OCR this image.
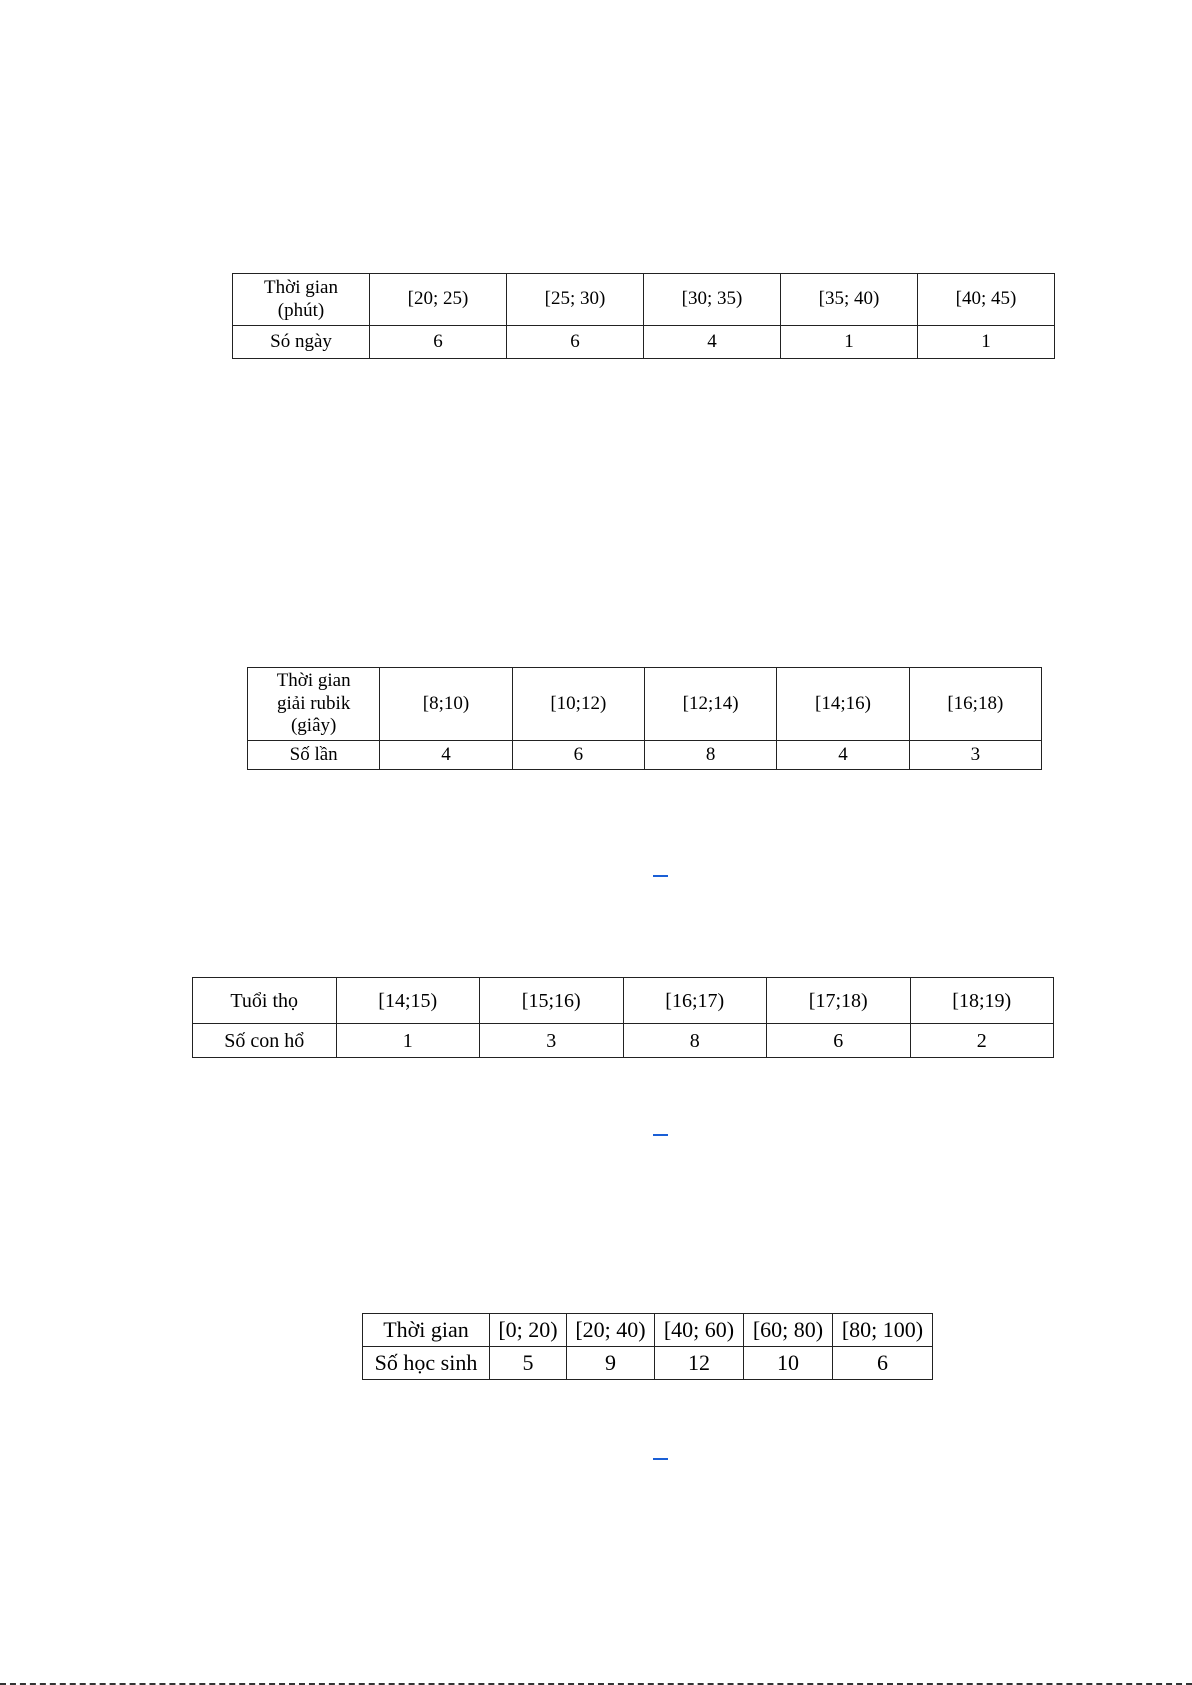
Thời gian
(phút)	[20; 25)	[25; 30)	[30; 35)	[35; 40)	[40; 45)
Só ngày	6	6	4	1	1
Thời gian
giải rubik
(giây)	[8;10)	[10;12)	[12;14)	[14;16)	[16;18)
Số lần	4	6	8	4	3
Tuổi thọ	[14;15)	[15;16)	[16;17)	[17;18)	[18;19)
Số con hổ	1	3	8	6	2
Thời gian	[0; 20)	[20; 40)	[40; 60)	[60; 80)	[80; 100)
Số học sinh	5	9	12	10	6
